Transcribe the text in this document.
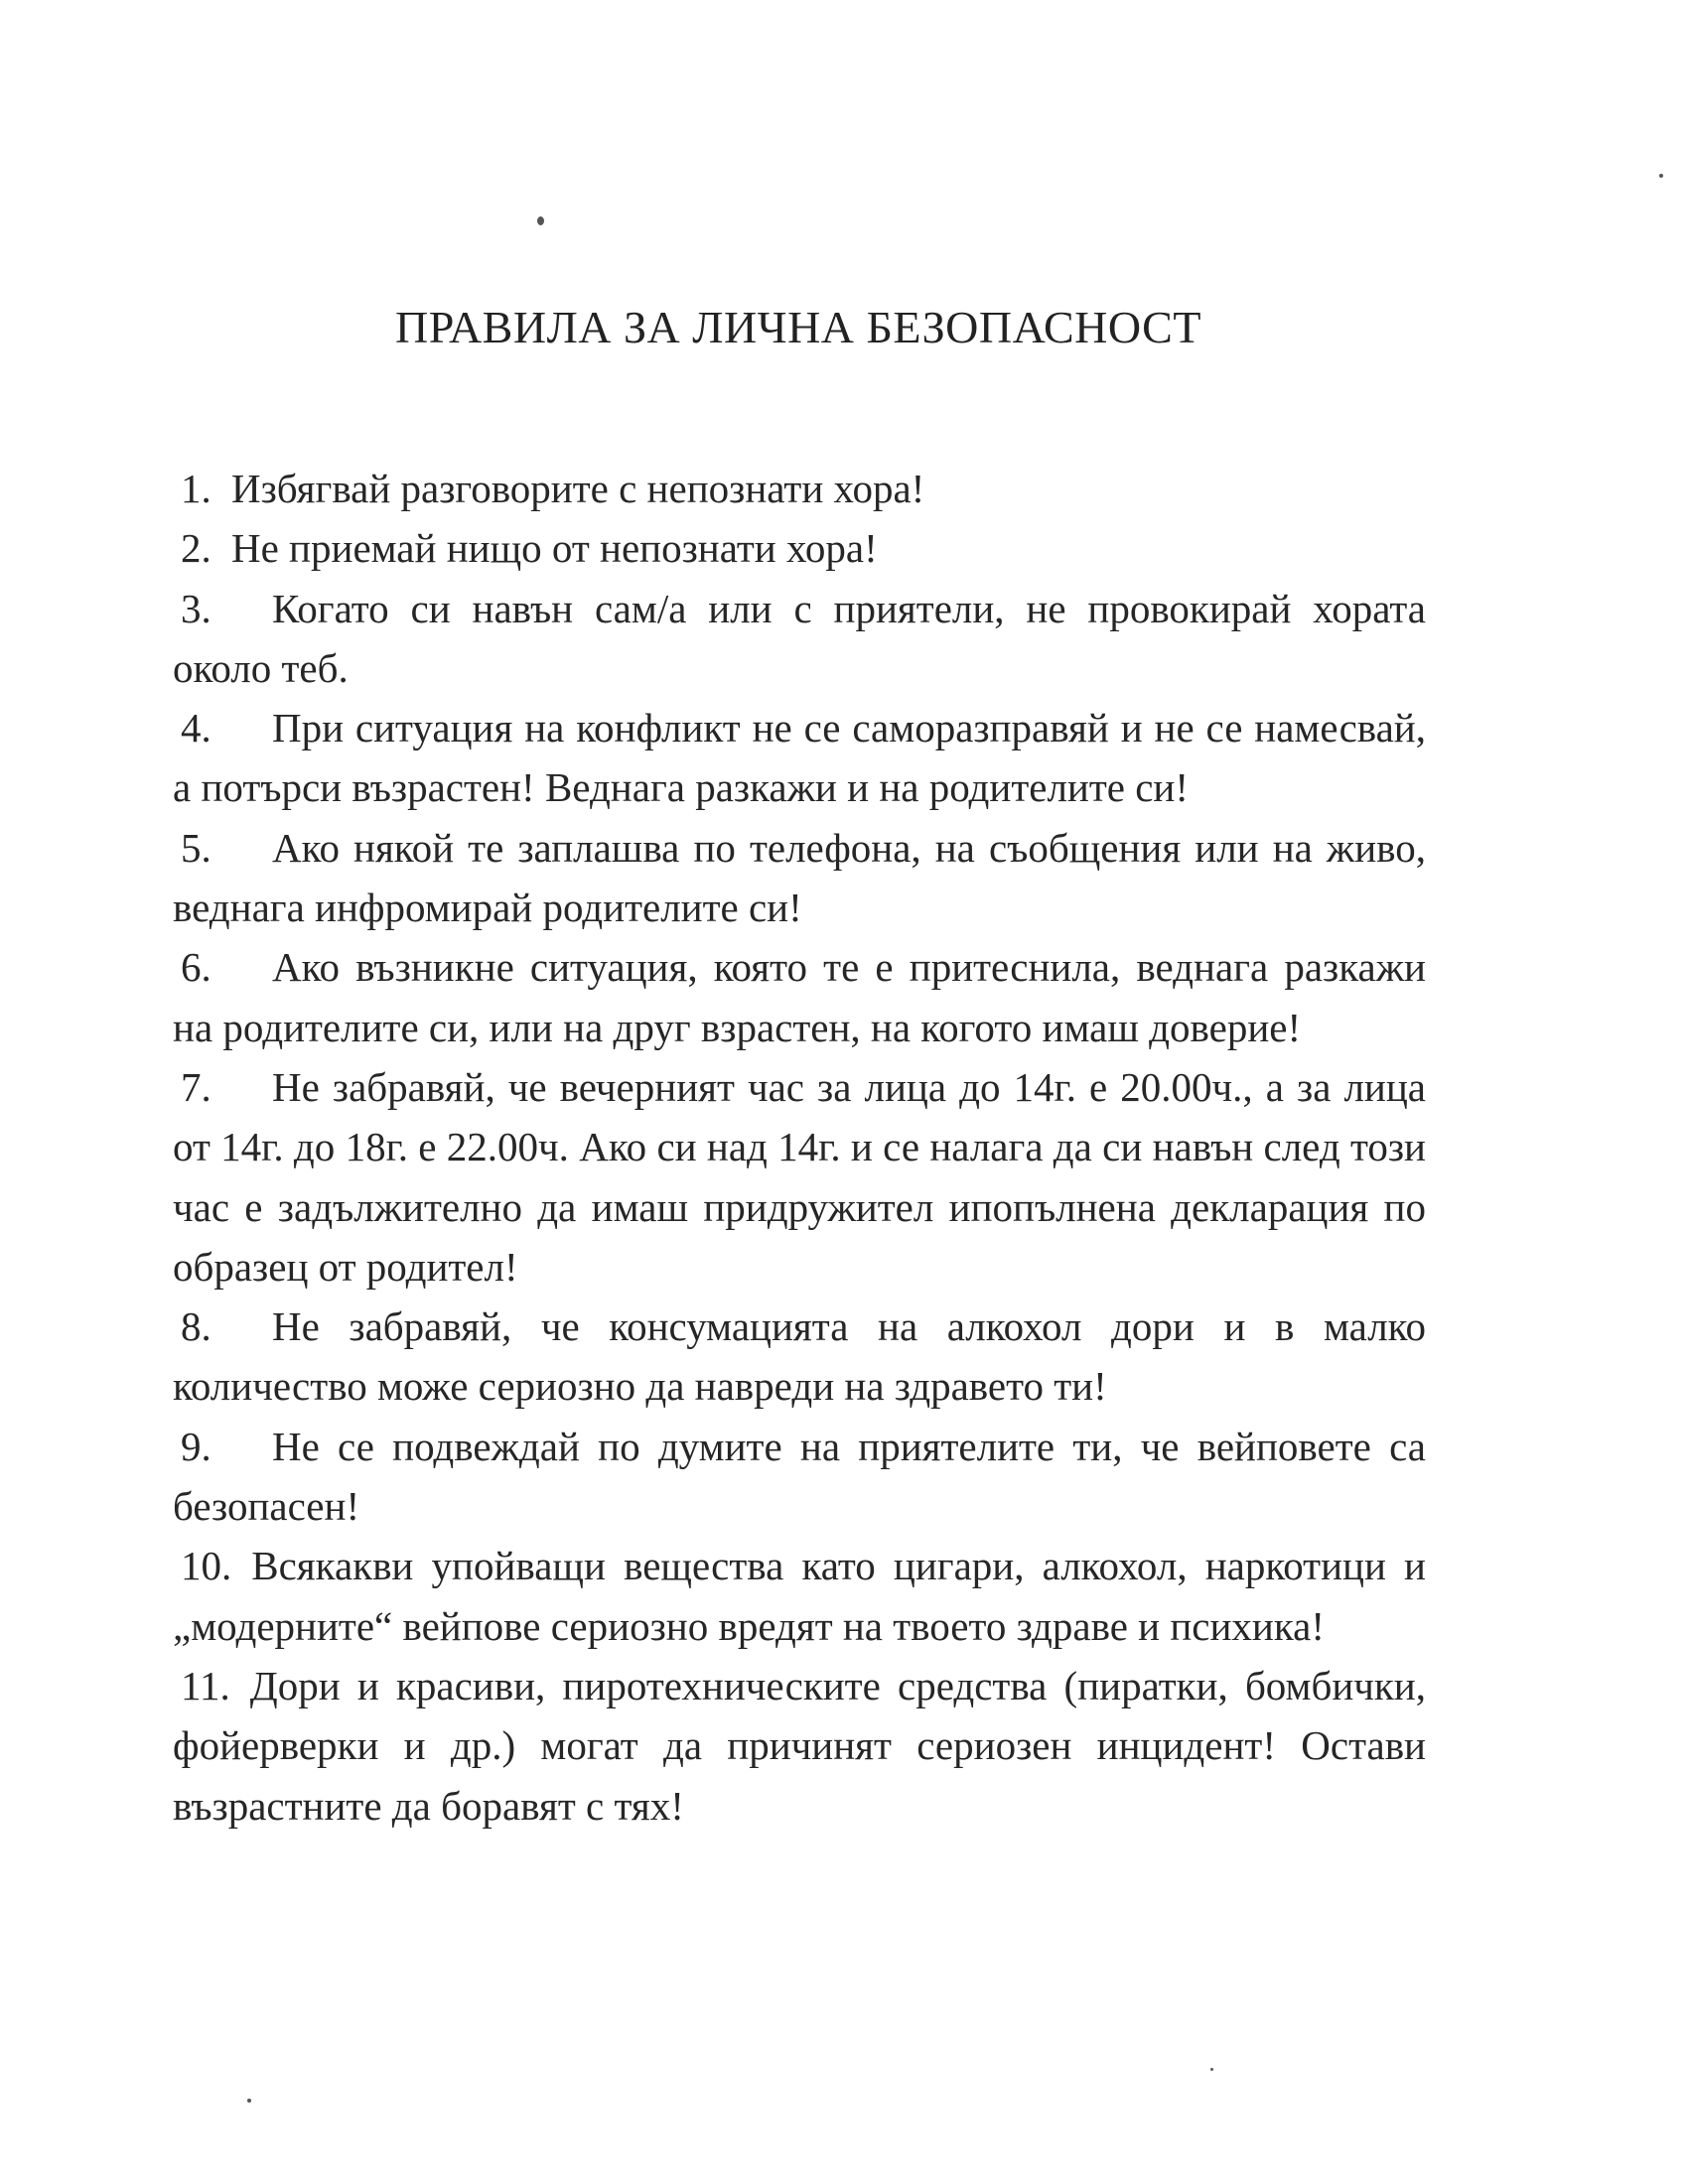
ПРАВИЛА ЗА ЛИЧНА БЕЗОПАСНОСТ
1. Избягвай разговорите с непознати хора!
2. Не приемай нищо от непознати хора!
3. Когато си навън сам/а или с приятели, не провокирай хората около теб.
4. При ситуация на конфликт не се саморазправяй и не се намесвай, а потърси възрастен! Веднага разкажи и на родителите си!
5. Ако някой те заплашва по телефона, на съобщения или на живо, веднага инфромирай родителите си!
6. Ако възникне ситуация, която те е притеснила, веднага разкажи на родителите си, или на друг взрастен, на когото имаш доверие!
7. Не забравяй, че вечерният час за лица до 14г. е 20.00ч., а за лица от 14г. до 18г. е 22.00ч. Ако си над 14г. и се налага да си навън след този час е задължително да имаш придружител ипопълнена декларация по образец от родител!
8. Не забравяй, че консумацията на алкохол дори и в малко количество може сериозно да навреди на здравето ти!
9. Не се подвеждай по думите на приятелите ти, че вейповете са безопасен!
10. Всякакви упойващи вещества като цигари, алкохол, наркотици и „модерните“ вейпове сериозно вредят на твоето здраве и психика!
11. Дори и красиви, пиротехническите средства (пиратки, бомбички, фойерверки и др.) могат да причинят сериозен инцидент! Остави възрастните да боравят с тях!
